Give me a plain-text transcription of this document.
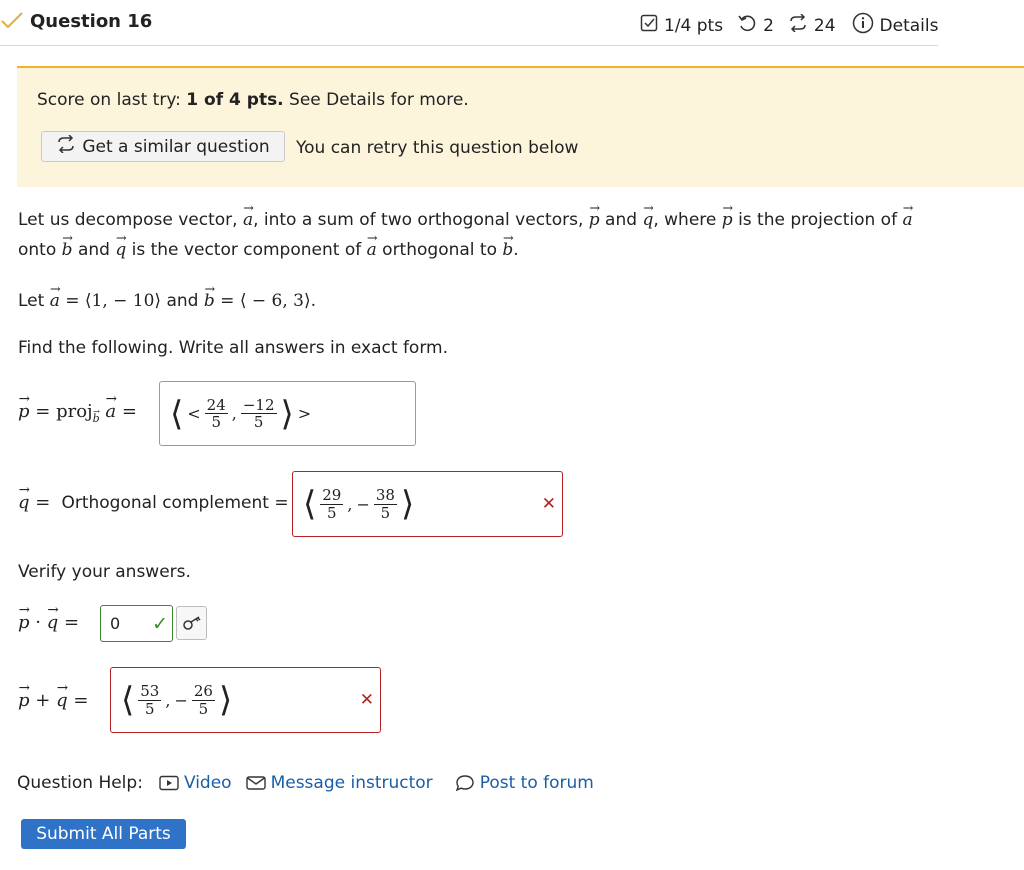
Question 16	1/4 pts 2 24	Details
Score on last try: 1 of 4 pts. See Details for more.
Get a similar question You can retry this question below
Let us decompose vector, → a, into a sum of two orthogonal vectors, → p and → q, where → p is the projection of → a
onto → b and → q is the vector component of → a orthogonal to → b.
Let → a = ⟨1, − 10⟩ and → b = ⟨ − 6, 3⟩.
Find the following. Write all answers in exact form.
→ p = proj→ $_b$ → a = ⟨ < $\frac{24}{5}$ , $\frac{-12}{5}$ ⟩ >
→ q =  Orthogonal complement = ⟨ $\frac{29}{5}$ , − $\frac{38}{5}$ ⟩	✕
Verify your answers.
→ p · → q = 0 ✓
→ p + → q = ⟨ $\frac{53}{5}$ , − $\frac{26}{5}$ ⟩	✕
Question Help: Video Message instructor	Post to forum
Submit All Parts
